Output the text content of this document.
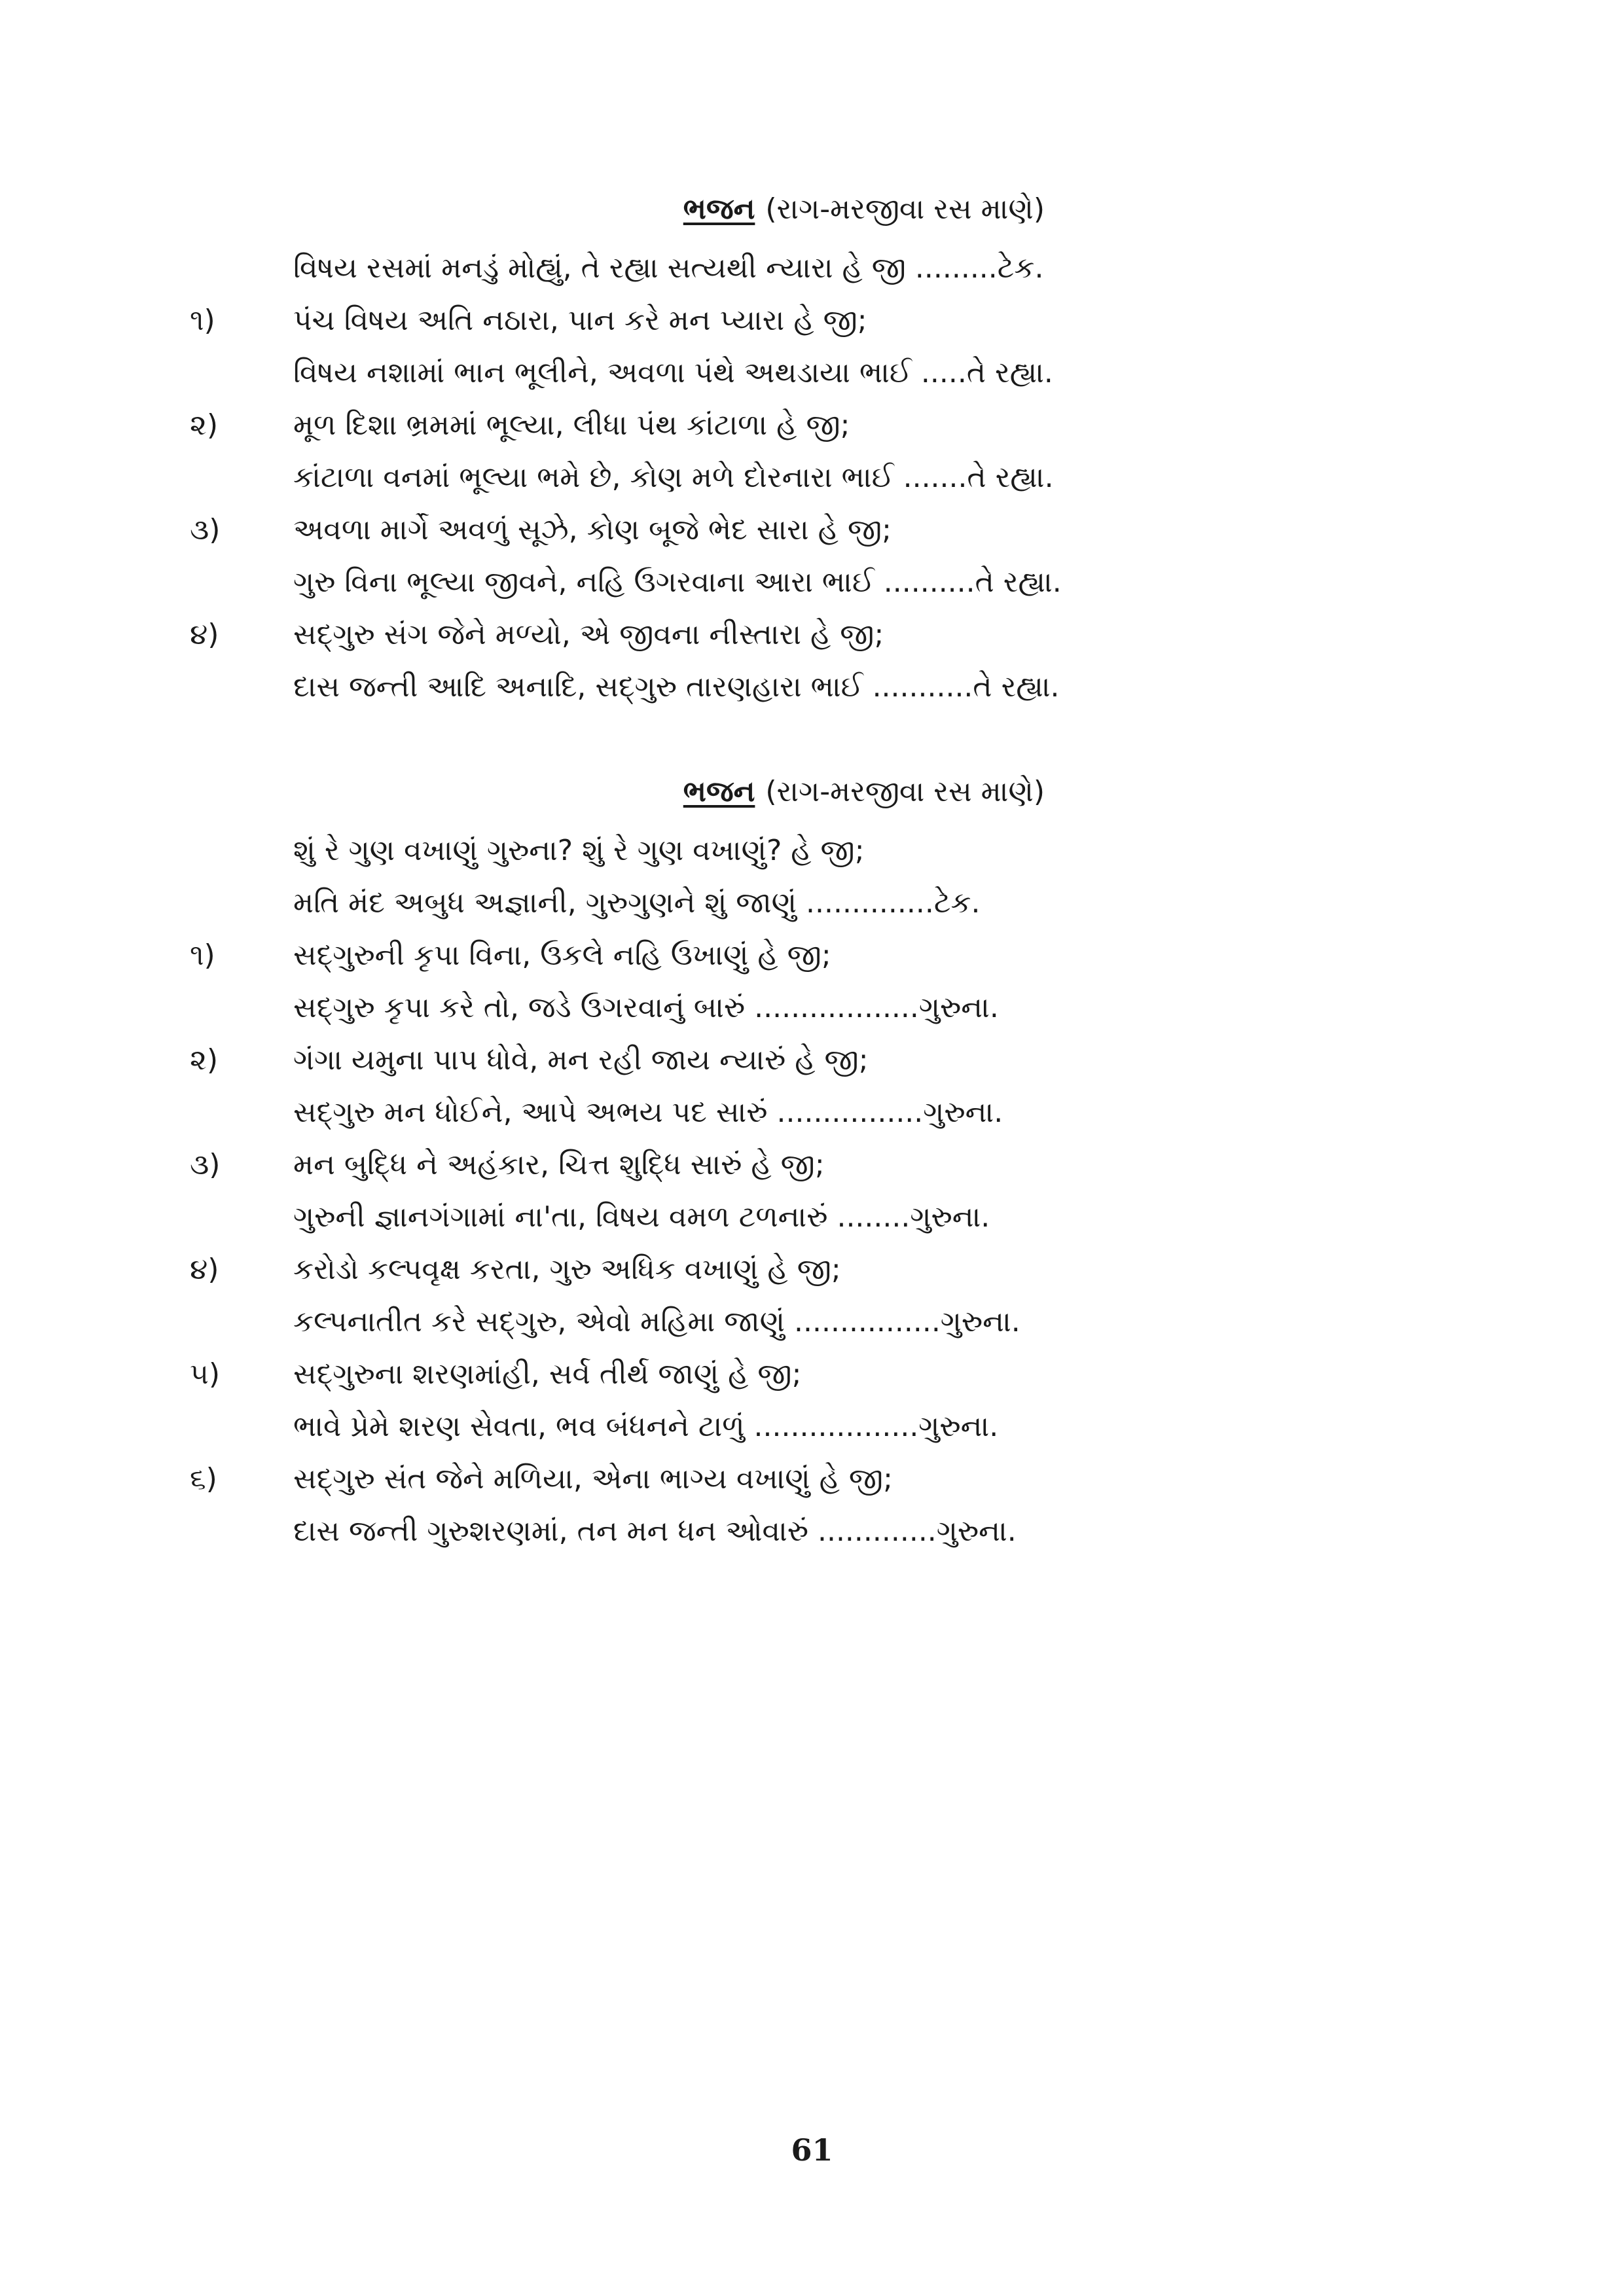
ભજન (રાગ-મરજીવા રસ માણે)
વિષય રસમાં મનડું મોહ્યું, તે રહ્યા સત્યથી ન્યારા હે જી .........ટેક.
૧)	પંચ વિષય અતિ નઠારા, પાન કરે મન પ્યારા હે જી;
વિષય નશામાં ભાન ભૂલીને, અવળા પંથે અથડાયા ભાઈ .....તે રહ્યા.
૨)	મૂળ દિશા ભ્રમમાં ભૂલ્યા, લીધા પંથ કાંટાળા હે જી;
કાંટાળા વનમાં ભૂલ્યા ભમે છે, કોણ મળે દોરનારા ભાઈ .......તે રહ્યા.
૩)	અવળા માર્ગે અવળું સૂઝે, કોણ બૂજે ભેદ સારા હે જી;
ગુરુ વિના ભૂલ્યા જીવને, નહિ ઉગરવાના આરા ભાઈ ..........તે રહ્યા.
૪)	સદ્‌ગુરુ સંગ જેને મળ્યો, એ જીવના નીસ્તારા હે જી;
દાસ જન્તી આદિ અનાદિ, સદ્‌ગુરુ તારણહારા ભાઈ ...........તે રહ્યા.
ભજન (રાગ-મરજીવા રસ માણે)
શું રે ગુણ વખાણું ગુરુના? શું રે ગુણ વખાણું? હે જી;
મતિ મંદ અબુધ અજ્ઞાની, ગુરુગુણને શું જાણું ..............ટેક.
૧)	સદ્‌ગુરુની કૃપા વિના, ઉકલે નહિ ઉખાણું હે જી;
સદ્‌ગુરુ કૃપા કરે તો, જડે ઉગરવાનું બારું ..................ગુરુના.
૨)	ગંગા યમુના પાપ ધોવે, મન રહી જાય ન્યારું હે જી;
સદ્‌ગુરુ મન ધોઈને, આપે અભય પદ સારું ................ગુરુના.
૩)	મન બુદ્ધિ ને અહંકાર, ચિત્ત શુદ્ધિ સારું હે જી;
ગુરુની જ્ઞાનગંગામાં ના'તા, વિષય વમળ ટળનારું ........ગુરુના.
૪)	કરોડો કલ્પવૃક્ષ કરતા, ગુરુ અધિક વખાણું હે જી;
કલ્પનાતીત કરે સદ્‌ગુરુ, એવો મહિમા જાણું ................ગુરુના.
૫)	સદ્‌ગુરુના શરણમાંહી, સર્વ તીર્થ જાણું હે જી;
ભાવે પ્રેમે શરણ સેવતા, ભવ બંધનને ટાળું ..................ગુરુના.
૬)	સદ્‌ગુરુ સંત જેને મળિયા, એના ભાગ્ય વખાણું હે જી;
દાસ જન્તી ગુરુશરણમાં, તન મન ધન ઓવારું .............ગુરુના.
61
